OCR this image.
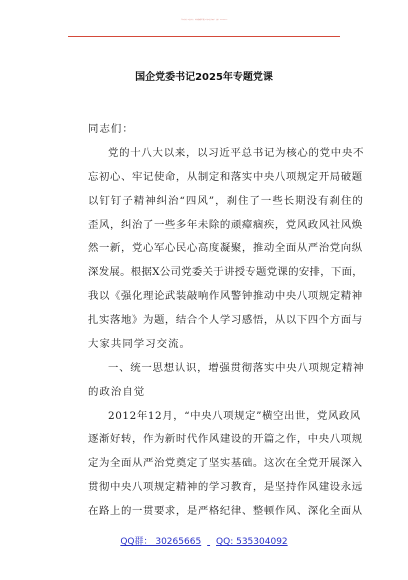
关注头条号“公文研究”，获得最新最全最专业的公文资料库！ 微信：gongwenyj
国企党委书记2025年专题党课
同志们：
党的十八大以来，以习近平总书记为核心的党中央不
忘初心、牢记使命，从制定和落实中央八项规定开局破题
以钉钉子精神纠治“四风”，刹住了一些长期没有刹住的
歪风，纠治了一些多年未除的顽瘴痼疾，党风政风社风焕
然一新，党心军心民心高度凝聚，推动全面从严治党向纵
深发展。根据X公司党委关于讲授专题党课的安排，下面，
我以《强化理论武装敲响作风警钟推动中央八项规定精神
扎实落地》为题，结合个人学习感悟，从以下四个方面与
大家共同学习交流。
一、统一思想认识，增强贯彻落实中央八项规定精神
的政治自觉
2012年12月，“中央八项规定”横空出世，党风政风
逐渐好转，作为新时代作风建设的开篇之作，中央八项规
定为全面从严治党奠定了坚实基础。这次在全党开展深入
贯彻中央八项规定精神的学习教育，是坚持作风建设永远
在路上的一贯要求，是严格纪律、整顿作风、深化全面从
QQ群： 30265665 QQ: 535304092
